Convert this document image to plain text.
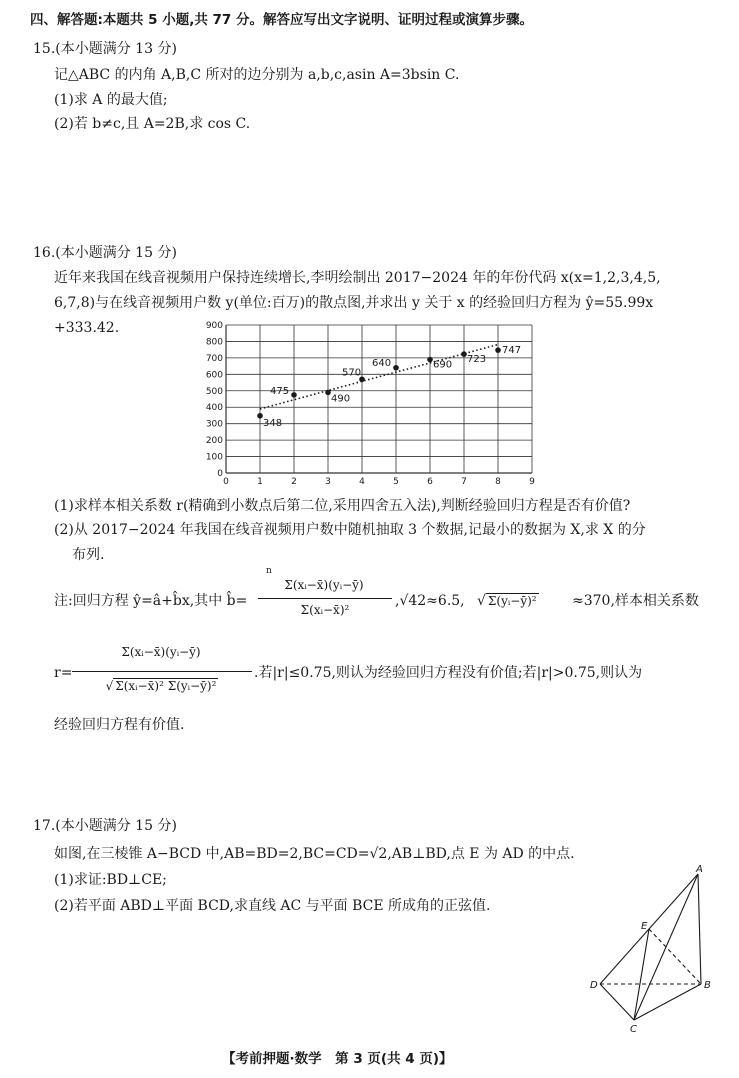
四、解答题:本题共 5 小题,共 77 分。解答应写出文字说明、证明过程或演算步骤。
15.(本小题满分 13 分)
记△ABC 的内角 A,B,C 所对的边分别为 a,b,c,asin A=3bsin C.
(1)求 A 的最大值;
(2)若 b≠c,且 A=2B,求 cos C.
16.(本小题满分 15 分)
近年来我国在线音视频用户保持连续增长,李明绘制出 2017−2024 年的年份代码 x(x=1,2,3,4,5,
6,7,8)与在线音视频用户数 y(单位:百万)的散点图,并求出 y 关于 x 的经验回归方程为 ŷ=55.99x
+333.42.
0
100
200
300
400
500
600
700
800
900
0	1	2	3	4	5	6	7	8	9
348
475
490
570
640	690 723
747
(1)求样本相关系数 r(精确到小数点后第二位,采用四舍五入法),判断经验回归方程是否有价值?
(2)从 2017−2024 年我国在线音视频用户数中随机抽取 3 个数据,记最小的数据为 X,求 X 的分
布列.
注:回归方程 ŷ=â+b̂x,其中 b̂=
n
Σ(xᵢ−x̄)(yᵢ−ȳ)
Σ(xᵢ−x̄)²
,√42≈6.5, √ Σ(yᵢ−ȳ)²	≈370,样本相关系数
r=
Σ(xᵢ−x̄)(yᵢ−ȳ)
√ Σ(xᵢ−x̄)² Σ(yᵢ−ȳ)²
.若|r|≤0.75,则认为经验回归方程没有价值;若|r|>0.75,则认为
经验回归方程有价值.
17.(本小题满分 15 分)
如图,在三棱锥 A−BCD 中,AB=BD=2,BC=CD=√2,AB⊥BD,点 E 为 AD 的中点.
(1)求证:BD⊥CE;
(2)若平面 ABD⊥平面 BCD,求直线 AC 与平面 BCE 所成角的正弦值.
A
B
C
D
E
【考前押题·数学　第 3 页(共 4 页)】
